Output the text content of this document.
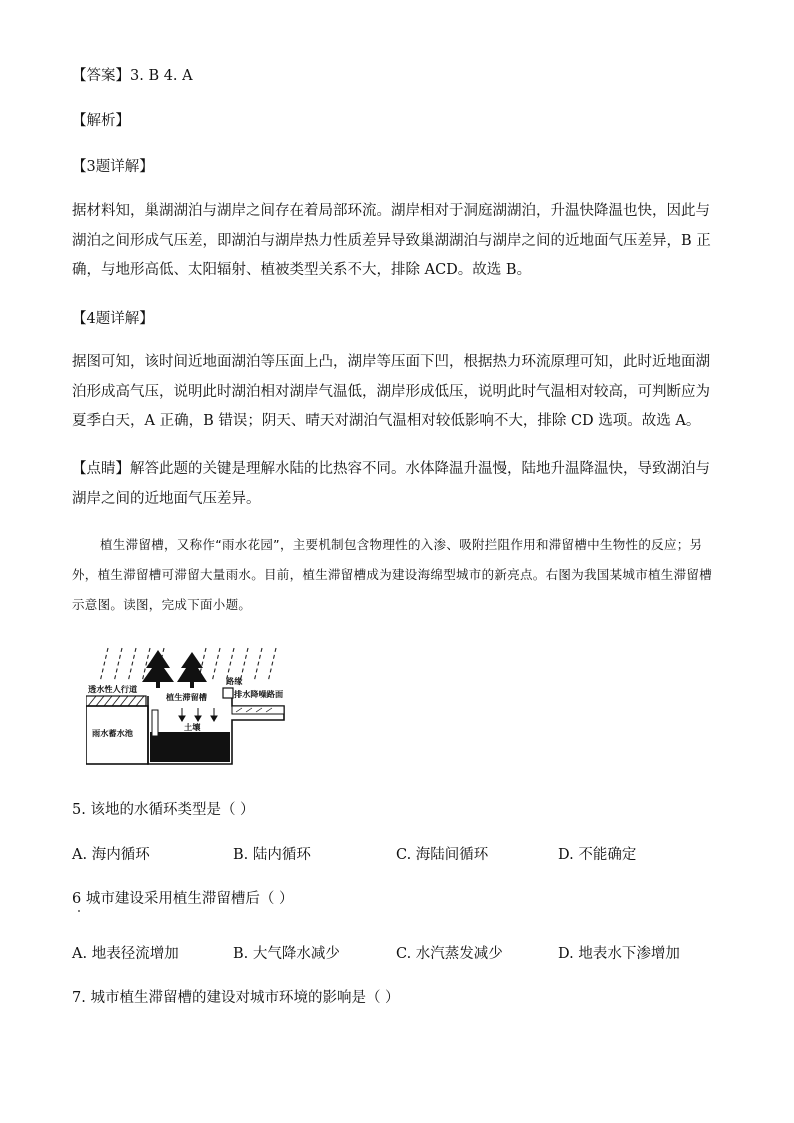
【答案】3. B 4. A
【解析】
【3题详解】
据材料知，巢湖湖泊与湖岸之间存在着局部环流。湖岸相对于洞庭湖湖泊，升温快降温也快，因此与湖泊之间形成气压差，即湖泊与湖岸热力性质差异导致巢湖湖泊与湖岸之间的近地面气压差异，B 正确，与地形高低、太阳辐射、植被类型关系不大，排除 ACD。故选 B。
【4题详解】
据图可知，该时间近地面湖泊等压面上凸，湖岸等压面下凹，根据热力环流原理可知，此时近地面湖泊形成高气压，说明此时湖泊相对湖岸气温低，湖岸形成低压，说明此时气温相对较高，可判断应为夏季白天，A 正确，B 错误；阴天、晴天对湖泊气温相对较低影响不大，排除 CD 选项。故选 A。
【点睛】解答此题的关键是理解水陆的比热容不同。水体降温升温慢，陆地升温降温快，导致湖泊与湖岸之间的近地面气压差异。
植生滞留槽，又称作“雨水花园”，主要机制包含物理性的入渗、吸附拦阻作用和滞留槽中生物性的反应；另外，植生滞留槽可滞留大量雨水。目前，植生滞留槽成为建设海绵型城市的新亮点。右图为我国某城市植生滞留槽示意图。读图，完成下面小题。
透水性人行道
植生滞留槽
路缘
排水降噪路面
雨水蓄水池
土壤
5. 该地的水循环类型是（ ）
A. 海内循环	B. 陆内循环	C. 海陆间循环	D. 不能确定
6 城市建设采用植生滞留槽后（ ）
A. 地表径流增加	B. 大气降水减少	C. 水汽蒸发减少	D. 地表水下渗增加
7. 城市植生滞留槽的建设对城市环境的影响是（ ）
